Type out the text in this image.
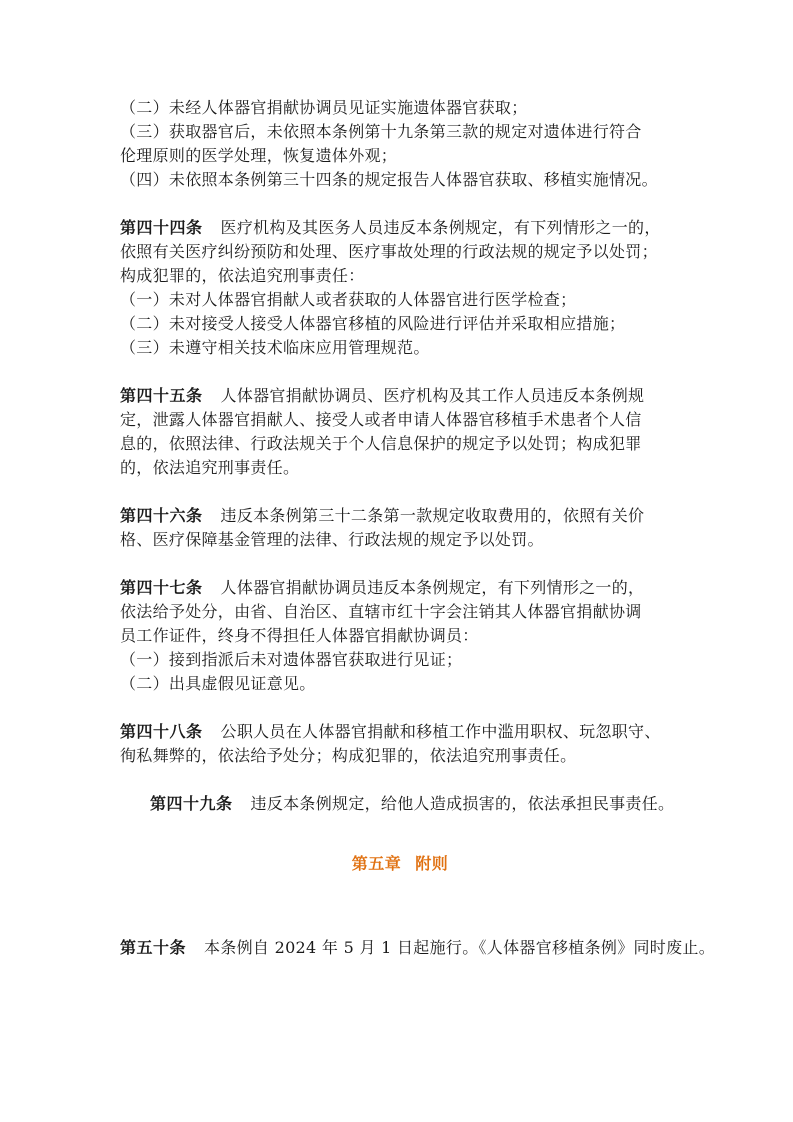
（二）未经人体器官捐献协调员见证实施遗体器官获取；
（三）获取器官后，未依照本条例第十九条第三款的规定对遗体进行符合
伦理原则的医学处理，恢复遗体外观；
（四）未依照本条例第三十四条的规定报告人体器官获取、移植实施情况。
第四十四条 医疗机构及其医务人员违反本条例规定，有下列情形之一的，
依照有关医疗纠纷预防和处理、医疗事故处理的行政法规的规定予以处罚；
构成犯罪的，依法追究刑事责任：
（一）未对人体器官捐献人或者获取的人体器官进行医学检查；
（二）未对接受人接受人体器官移植的风险进行评估并采取相应措施；
（三）未遵守相关技术临床应用管理规范。
第四十五条 人体器官捐献协调员、医疗机构及其工作人员违反本条例规
定，泄露人体器官捐献人、接受人或者申请人体器官移植手术患者个人信
息的，依照法律、行政法规关于个人信息保护的规定予以处罚；构成犯罪
的，依法追究刑事责任。
第四十六条 违反本条例第三十二条第一款规定收取费用的，依照有关价
格、医疗保障基金管理的法律、行政法规的规定予以处罚。
第四十七条 人体器官捐献协调员违反本条例规定，有下列情形之一的，
依法给予处分，由省、自治区、直辖市红十字会注销其人体器官捐献协调
员工作证件，终身不得担任人体器官捐献协调员：
（一）接到指派后未对遗体器官获取进行见证；
（二）出具虚假见证意见。
第四十八条 公职人员在人体器官捐献和移植工作中滥用职权、玩忽职守、
徇私舞弊的，依法给予处分；构成犯罪的，依法追究刑事责任。
第四十九条 违反本条例规定，给他人造成损害的，依法承担民事责任。
第五章 附则
第五十条 本条例自 2024 年 5 月 1 日起施行。《人体器官移植条例》同时废止。
